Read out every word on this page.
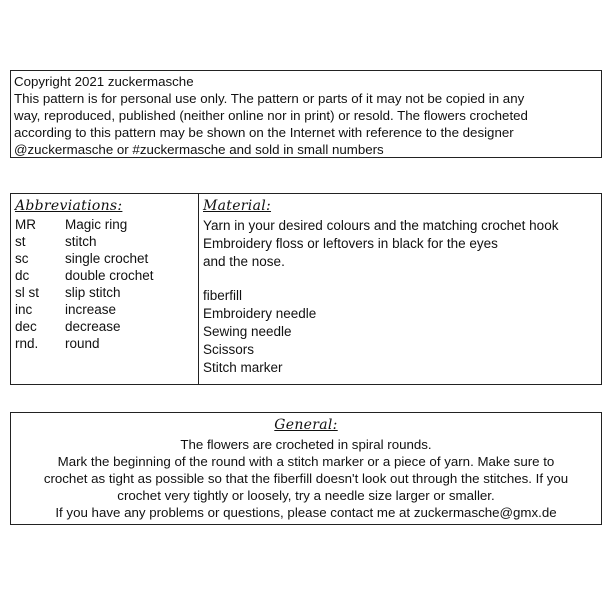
Copyright 2021 zuckermasche

This pattern is for personal use only. The pattern or parts of it may not be copied in any

way, reproduced, published (neither online nor in print) or resold. The flowers crocheted

according to this pattern may be shown on the Internet with reference to the designer

@zuckermasche or #zuckermasche and sold in small numbers

Abbreviations:
MR	Magic ring
st	stitch
sc	single crochet
dc	double crochet
sl st	slip stitch
inc	increase
dec	decrease
rnd.	round
Material:
Yarn in your desired colours and the matching crochet hook
Embroidery floss or leftovers in black for the eyes
and the nose.
fiberfill
Embroidery needle
Sewing needle
Scissors
Stitch marker
General:

The flowers are crocheted in spiral rounds.

Mark the beginning of the round with a stitch marker or a piece of yarn. Make sure to

crochet as tight as possible so that the fiberfill doesn't look out through the stitches. If you

crochet very tightly or loosely, try a needle size larger or smaller.

If you have any problems or questions, please contact me at zuckermasche@gmx.de
